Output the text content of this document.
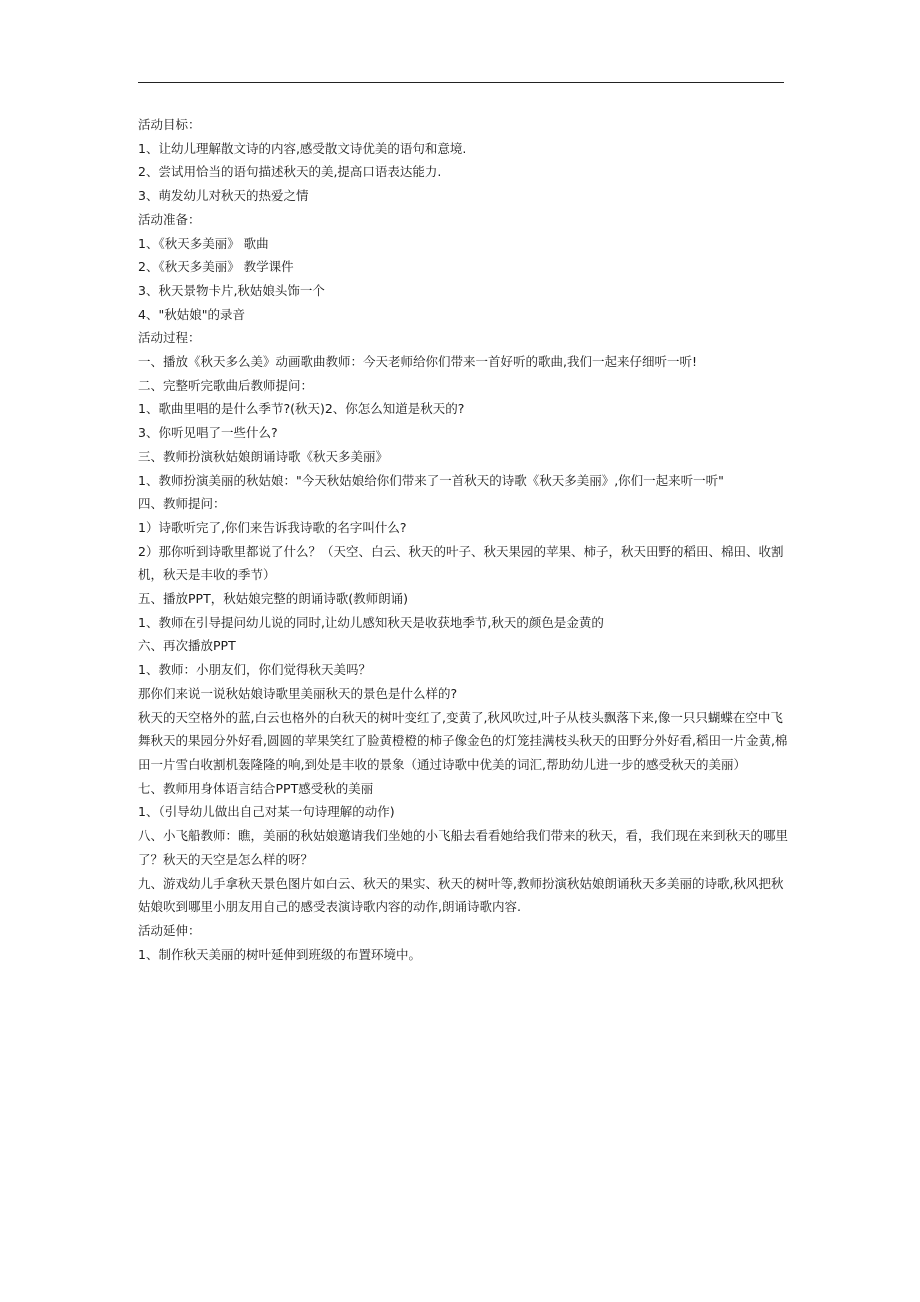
活动目标：

1、让幼儿理解散文诗的内容,感受散文诗优美的语句和意境.

2、尝试用恰当的语句描述秋天的美,提高口语表达能力.

3、萌发幼儿对秋天的热爱之情

活动准备：

1、《秋天多美丽》 歌曲

2、《秋天多美丽》 教学课件

3、秋天景物卡片,秋姑娘头饰一个

4、"秋姑娘"的录音

活动过程：

一、播放《秋天多么美》动画歌曲教师：今天老师给你们带来一首好听的歌曲,我们一起来仔细听一听!

二、完整听完歌曲后教师提问：

1、歌曲里唱的是什么季节?(秋天)2、你怎么知道是秋天的?

3、你听见唱了一些什么?

三、教师扮演秋姑娘朗诵诗歌《秋天多美丽》

1、教师扮演美丽的秋姑娘："今天秋姑娘给你们带来了一首秋天的诗歌《秋天多美丽》,你们一起来听一听"

四、教师提问：

1）诗歌听完了,你们来告诉我诗歌的名字叫什么?

2）那你听到诗歌里都说了什么？（天空、白云、秋天的叶子、秋天果园的苹果、柿子，秋天田野的稻田、棉田、收割

机，秋天是丰收的季节）

五、播放PPT，秋姑娘完整的朗诵诗歌(教师朗诵)

1、教师在引导提问幼儿说的同时,让幼儿感知秋天是收获地季节,秋天的颜色是金黄的

六、再次播放PPT

1、教师：小朋友们，你们觉得秋天美吗？

那你们来说一说秋姑娘诗歌里美丽秋天的景色是什么样的?

秋天的天空格外的蓝,白云也格外的白秋天的树叶变红了,变黄了,秋风吹过,叶子从枝头飘落下来,像一只只蝴蝶在空中飞

舞秋天的果园分外好看,圆圆的苹果笑红了脸黄橙橙的柿子像金色的灯笼挂满枝头秋天的田野分外好看,稻田一片金黄,棉

田一片雪白收割机轰隆隆的响,到处是丰收的景象（通过诗歌中优美的词汇,帮助幼儿进一步的感受秋天的美丽）

七、教师用身体语言结合PPT感受秋的美丽

1、（引导幼儿做出自己对某一句诗理解的动作)

八、小飞船教师：瞧，美丽的秋姑娘邀请我们坐她的小飞船去看看她给我们带来的秋天，看，我们现在来到秋天的哪里

了？秋天的天空是怎么样的呀？

九、游戏幼儿手拿秋天景色图片如白云、秋天的果实、秋天的树叶等,教师扮演秋姑娘朗诵秋天多美丽的诗歌,秋风把秋

姑娘吹到哪里小朋友用自己的感受表演诗歌内容的动作,朗诵诗歌内容.

活动延伸：

1、制作秋天美丽的树叶延伸到班级的布置环境中。
